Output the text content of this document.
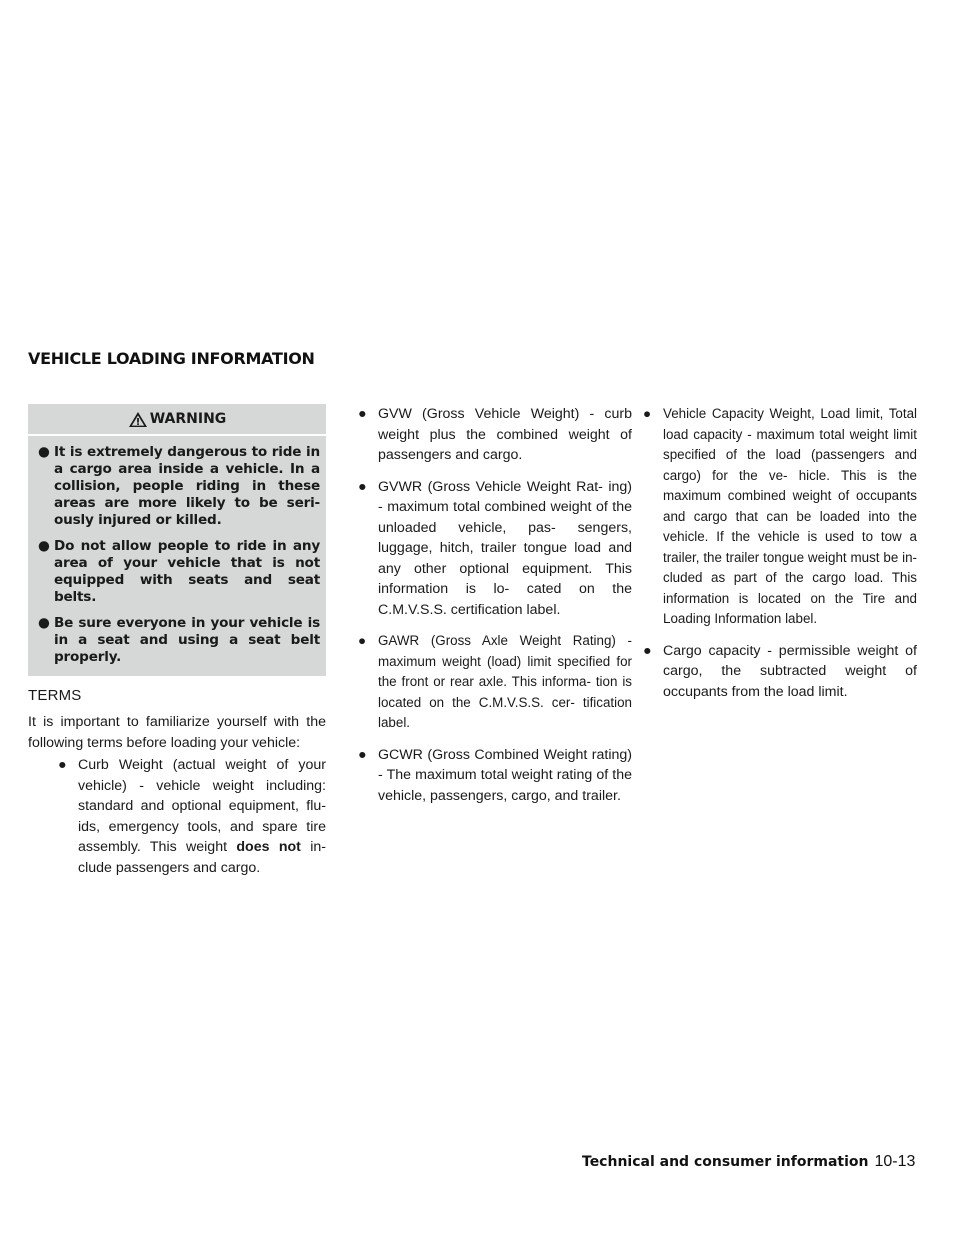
VEHICLE LOADING INFORMATION
WARNING
● It is extremely dangerous to ride in a cargo area inside a vehicle. In a collision, people riding in these areas are more likely to be seri- ously injured or killed.
● Do not allow people to ride in any area of your vehicle that is not equipped with seats and seat belts.
● Be sure everyone in your vehicle is in a seat and using a seat belt properly.
TERMS

It is important to familiarize yourself with the following terms before loading your vehicle:

● Curb Weight (actual weight of your vehicle) - vehicle weight including: standard and optional equipment, flu- ids, emergency tools, and spare tire assembly. This weight does not in- clude passengers and cargo.
● GVW (Gross Vehicle Weight) - curb weight plus the combined weight of passengers and cargo.
● GVWR (Gross Vehicle Weight Rat- ing) - maximum total combined weight of the unloaded vehicle, pas- sengers, luggage, hitch, trailer tongue load and any other optional equipment. This information is lo- cated on the C.M.V.S.S. certification label.
● GAWR (Gross Axle Weight Rating) - maximum weight (load) limit specified for the front or rear axle. This informa- tion is located on the C.M.V.S.S. cer- tification label.
● GCWR (Gross Combined Weight rating) - The maximum total weight rating of the vehicle, passengers, cargo, and trailer.
● Vehicle Capacity Weight, Load limit, Total load capacity - maximum total weight limit specified of the load (passengers and cargo) for the ve- hicle. This is the maximum combined weight of occupants and cargo that can be loaded into the vehicle. If the vehicle is used to tow a trailer, the trailer tongue weight must be in- cluded as part of the cargo load. This information is located on the Tire and Loading Information label.
● Cargo capacity - permissible weight of cargo, the subtracted weight of occupants from the load limit.
Technical and consumer information 10-13
